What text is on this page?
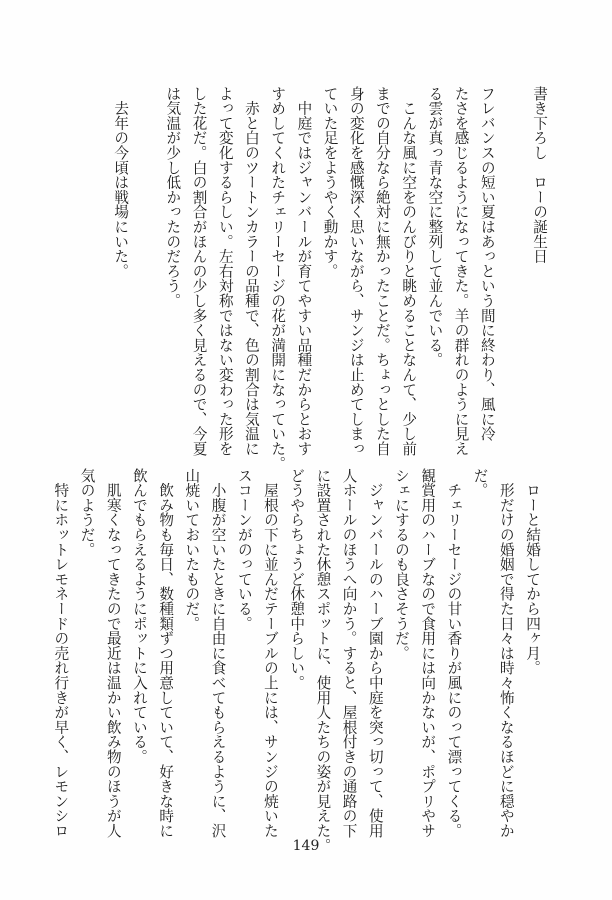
書き下ろし　ローの誕生日
フレバンスの短い夏はあっという間に終わり、風に冷
たさを感じるようになってきた。羊の群れのように見え
る雲が真っ青な空に整列して並んでいる。
　こんな風に空をのんびりと眺めることなんて、少し前
までの自分なら絶対に無かったことだ。ちょっとした自
身の変化を感慨深く思いながら、サンジは止めてしまっ
ていた足をようやく動かす。
　中庭ではジャンバールが育てやすい品種だからとおす
すめしてくれたチェリーセージの花が満開になっていた。
　赤と白のツートンカラーの品種で、色の割合は気温に
よって変化するらしい。左右対称ではない変わった形を
した花だ。白の割合がほんの少し多く見えるので、今夏
は気温が少し低かったのだろう。
　去年の今頃は戦場にいた。
　ローと結婚してから四ヶ月。
　形だけの婚姻で得た日々は時々怖くなるほどに穏やか
だ。
　チェリーセージの甘い香りが風にのって漂ってくる。
観賞用のハーブなので食用には向かないが、ポプリやサ
シェにするのも良さそうだ。
　ジャンバールのハーブ園から中庭を突っ切って、使用
人ホールのほうへ向かう。すると、屋根付きの通路の下
に設置された休憩スポットに、使用人たちの姿が見えた。
どうやらちょうど休憩中らしい。
　屋根の下に並んだテーブルの上には、サンジの焼いた
スコーンがのっている。
　小腹が空いたときに自由に食べてもらえるように、沢
山焼いておいたものだ。
　飲み物も毎日、数種類ずつ用意していて、好きな時に
飲んでもらえるようにポットに入れている。
　肌寒くなってきたので最近は温かい飲み物のほうが人
気のようだ。
　特にホットレモネードの売れ行きが早く、レモンシロ
149
